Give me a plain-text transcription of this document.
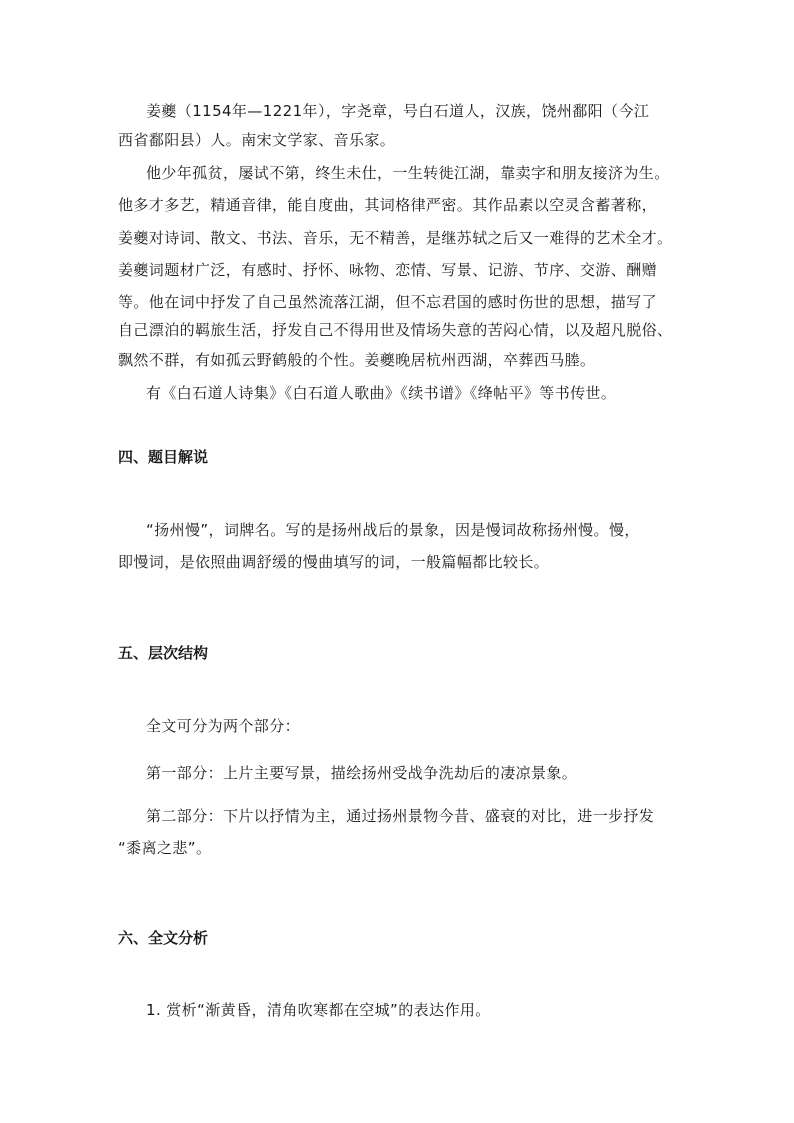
姜夔（1154年—1221年），字尧章，号白石道人，汉族，饶州鄱阳（今江
西省鄱阳县）人。南宋文学家、音乐家。
他少年孤贫，屡试不第，终生未仕，一生转徙江湖，靠卖字和朋友接济为生。
他多才多艺，精通音律，能自度曲，其词格律严密。其作品素以空灵含蓄著称，
姜夔对诗词、散文、书法、音乐，无不精善，是继苏轼之后又一难得的艺术全才。
姜夔词题材广泛，有感时、抒怀、咏物、恋情、写景、记游、节序、交游、酬赠
等。他在词中抒发了自己虽然流落江湖，但不忘君国的感时伤世的思想，描写了
自己漂泊的羁旅生活，抒发自己不得用世及情场失意的苦闷心情，以及超凡脱俗、
飘然不群，有如孤云野鹤般的个性。姜夔晚居杭州西湖，卒葬西马塍。
有《白石道人诗集》《白石道人歌曲》《续书谱》《绛帖平》等书传世。
四、题目解说
“扬州慢”，词牌名。写的是扬州战后的景象，因是慢词故称扬州慢。慢，
即慢词，是依照曲调舒缓的慢曲填写的词，一般篇幅都比较长。
五、层次结构
全文可分为两个部分：
第一部分：上片主要写景，描绘扬州受战争洗劫后的凄凉景象。
第二部分：下片以抒情为主，通过扬州景物今昔、盛衰的对比，进一步抒发
“黍离之悲”。
六、全文分析
1. 赏析“渐黄昏，清角吹寒都在空城”的表达作用。
